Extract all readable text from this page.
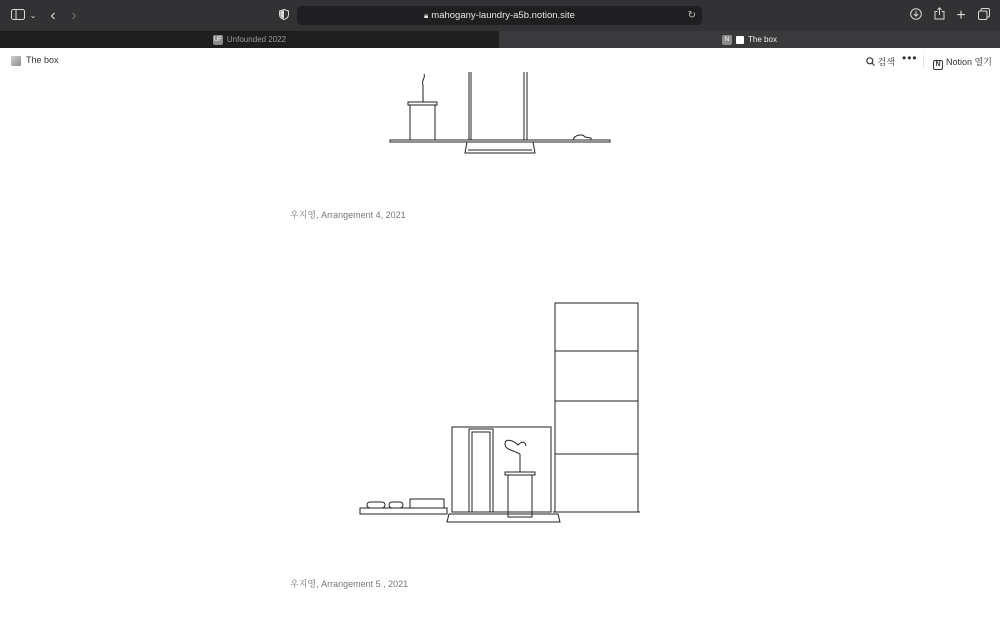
⌄ ‹ ›	🔒︎ mahogany-laundry-a5b.notion.site	↻	+
UF Unfounded 2022	N The box
The box	검색 •••	N Notion 열기
우지영, Arrangement 4, 2021
우지영, Arrangement 5 , 2021
